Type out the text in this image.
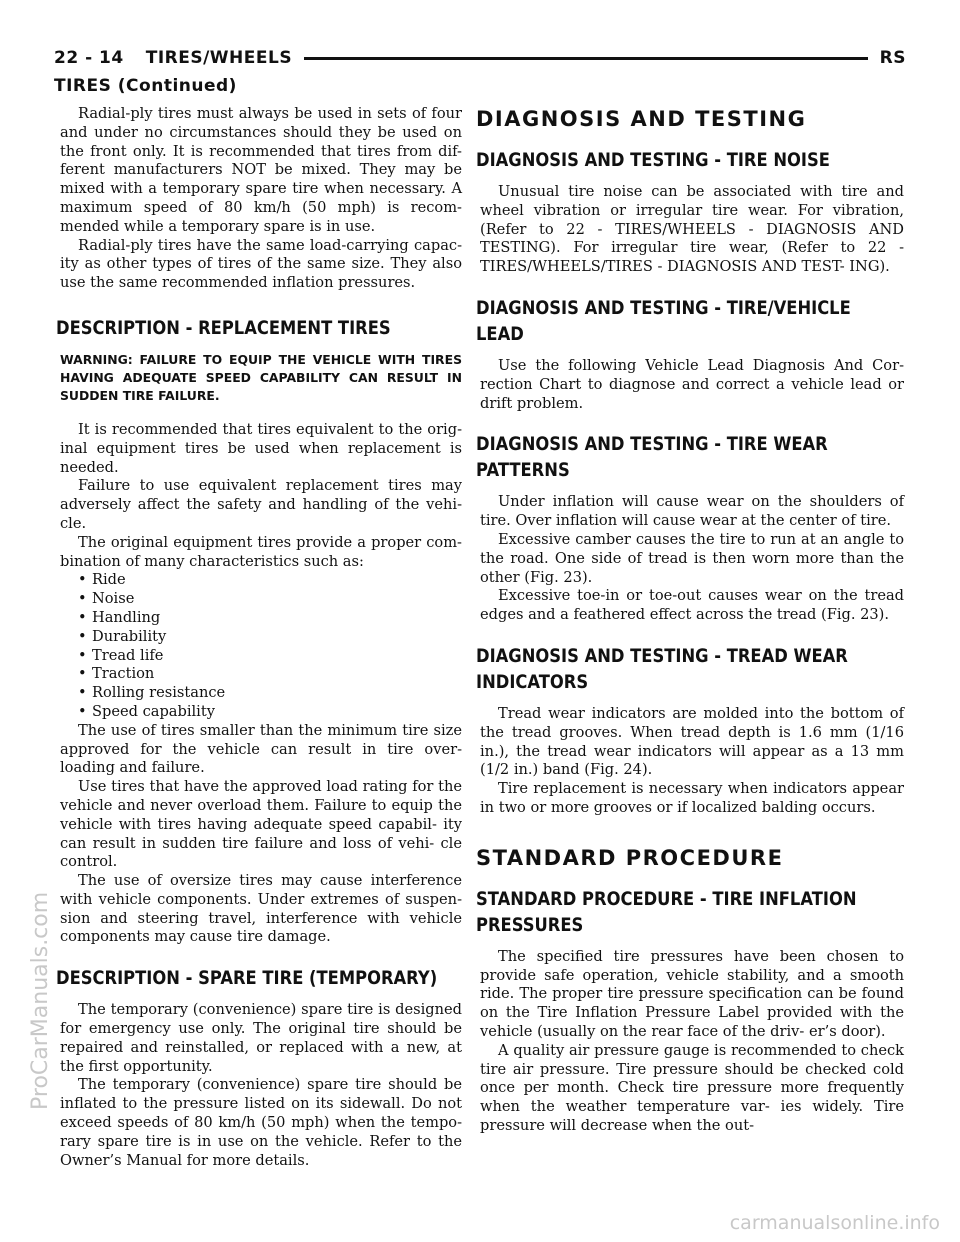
22 - 14 TIRES/WHEELS	RS
TIRES (Continued)

Radial-ply tires must always be used in sets of four and under no circumstances should they be used on the front only. It is recommended that tires from dif- ferent manufacturers NOT be mixed. They may be mixed with a temporary spare tire when necessary. A maximum speed of 80 km/h (50 mph) is recom- mended while a temporary spare is in use.

Radial-ply tires have the same load-carrying capac- ity as other types of tires of the same size. They also use the same recommended inflation pressures.

DESCRIPTION - REPLACEMENT TIRES

WARNING: FAILURE TO EQUIP THE VEHICLE WITH TIRES HAVING ADEQUATE SPEED CAPABILITY CAN RESULT IN SUDDEN TIRE FAILURE.

It is recommended that tires equivalent to the orig- inal equipment tires be used when replacement is needed.

Failure to use equivalent replacement tires may adversely affect the safety and handling of the vehi- cle.

The original equipment tires provide a proper com- bination of many characteristics such as:

• Ride
• Noise
• Handling
• Durability
• Tread life
• Traction
• Rolling resistance
• Speed capability

The use of tires smaller than the minimum tire size approved for the vehicle can result in tire over- loading and failure.

Use tires that have the approved load rating for the vehicle and never overload them. Failure to equip the vehicle with tires having adequate speed capabil- ity can result in sudden tire failure and loss of vehi- cle control.

The use of oversize tires may cause interference with vehicle components. Under extremes of suspen- sion and steering travel, interference with vehicle components may cause tire damage.

DESCRIPTION - SPARE TIRE (TEMPORARY)

The temporary (convenience) spare tire is designed for emergency use only. The original tire should be repaired and reinstalled, or replaced with a new, at the first opportunity.

The temporary (convenience) spare tire should be inflated to the pressure listed on its sidewall. Do not exceed speeds of 80 km/h (50 mph) when the tempo- rary spare tire is in use on the vehicle. Refer to the Owner’s Manual for more details.

DIAGNOSIS AND TESTING
DIAGNOSIS AND TESTING - TIRE NOISE

Unusual tire noise can be associated with tire and wheel vibration or irregular tire wear. For vibration, (Refer to 22 - TIRES/WHEELS - DIAGNOSIS AND TESTING). For irregular tire wear, (Refer to 22 - TIRES/WHEELS/TIRES - DIAGNOSIS AND TEST- ING).

DIAGNOSIS AND TESTING - TIRE/VEHICLE LEAD

Use the following Vehicle Lead Diagnosis And Cor- rection Chart to diagnose and correct a vehicle lead or drift problem.

DIAGNOSIS AND TESTING - TIRE WEAR PATTERNS

Under inflation will cause wear on the shoulders of tire. Over inflation will cause wear at the center of tire.

Excessive camber causes the tire to run at an angle to the road. One side of tread is then worn more than the other (Fig. 23).

Excessive toe-in or toe-out causes wear on the tread edges and a feathered effect across the tread (Fig. 23).

DIAGNOSIS AND TESTING - TREAD WEAR INDICATORS

Tread wear indicators are molded into the bottom of the tread grooves. When tread depth is 1.6 mm (1/16 in.), the tread wear indicators will appear as a 13 mm (1/2 in.) band (Fig. 24).

Tire replacement is necessary when indicators appear in two or more grooves or if localized balding occurs.

STANDARD PROCEDURE
STANDARD PROCEDURE - TIRE INFLATION PRESSURES

The specified tire pressures have been chosen to provide safe operation, vehicle stability, and a smooth ride. The proper tire pressure specification can be found on the Tire Inflation Pressure Label provided with the vehicle (usually on the rear face of the driv- er’s door).

A quality air pressure gauge is recommended to check tire air pressure. Tire pressure should be checked cold once per month. Check tire pressure more frequently when the weather temperature var- ies widely. Tire pressure will decrease when the out-

ProCarManuals.com
carmanualsonline.info
